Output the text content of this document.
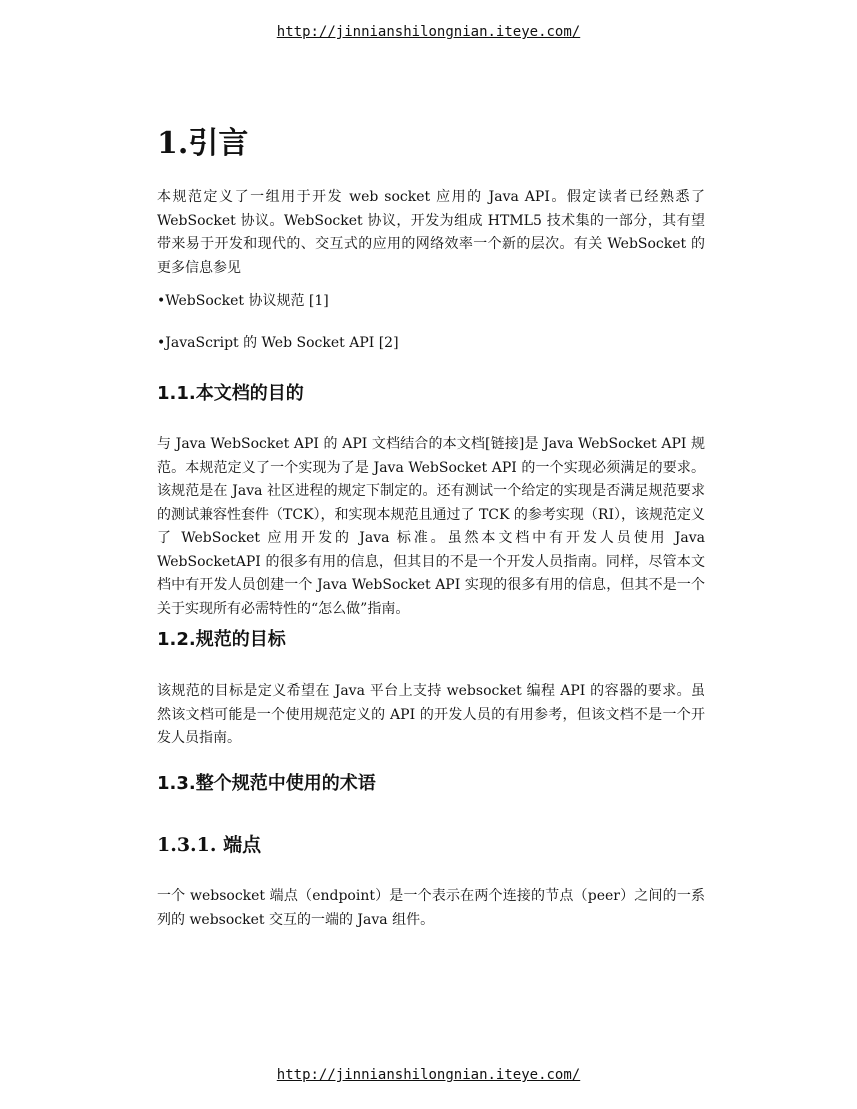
http://jinnianshilongnian.iteye.com/
1.引言

本规范定义了一组用于开发 web socket 应用的 Java API。假定读者已经熟悉了 WebSocket 协议。WebSocket 协议，开发为组成 HTML5 技术集的一部分，其有望带来易于开发和现代的、交互式的应用的网络效率一个新的层次。有关 WebSocket 的更多信息参见

•WebSocket 协议规范 [1]

•JavaScript 的 Web Socket API [2]

1.1.本文档的目的

与 Java WebSocket API 的 API 文档结合的本文档[链接]是 Java WebSocket API 规范。本规范定义了一个实现为了是 Java WebSocket API 的一个实现必须满足的要求。该规范是在 Java 社区进程的规定下制定的。还有测试一个给定的实现是否满足规范要求的测试兼容性套件（TCK），和实现本规范且通过了 TCK 的参考实现（RI），该规范定义了 WebSocket 应用开发的 Java 标准。虽然本文档中有开发人员使用 Java WebSocketAPI 的很多有用的信息，但其目的不是一个开发人员指南。同样，尽管本文档中有开发人员创建一个 Java WebSocket API 实现的很多有用的信息，但其不是一个关于实现所有必需特性的“怎么做”指南。

1.2.规范的目标

该规范的目标是定义希望在 Java 平台上支持 websocket 编程 API 的容器的要求。虽然该文档可能是一个使用规范定义的 API 的开发人员的有用参考，但该文档不是一个开发人员指南。

1.3.整个规范中使用的术语
1.3.1. 端点

一个 websocket 端点（endpoint）是一个表示在两个连接的节点（peer）之间的一系列的 websocket 交互的一端的 Java 组件。

http://jinnianshilongnian.iteye.com/
